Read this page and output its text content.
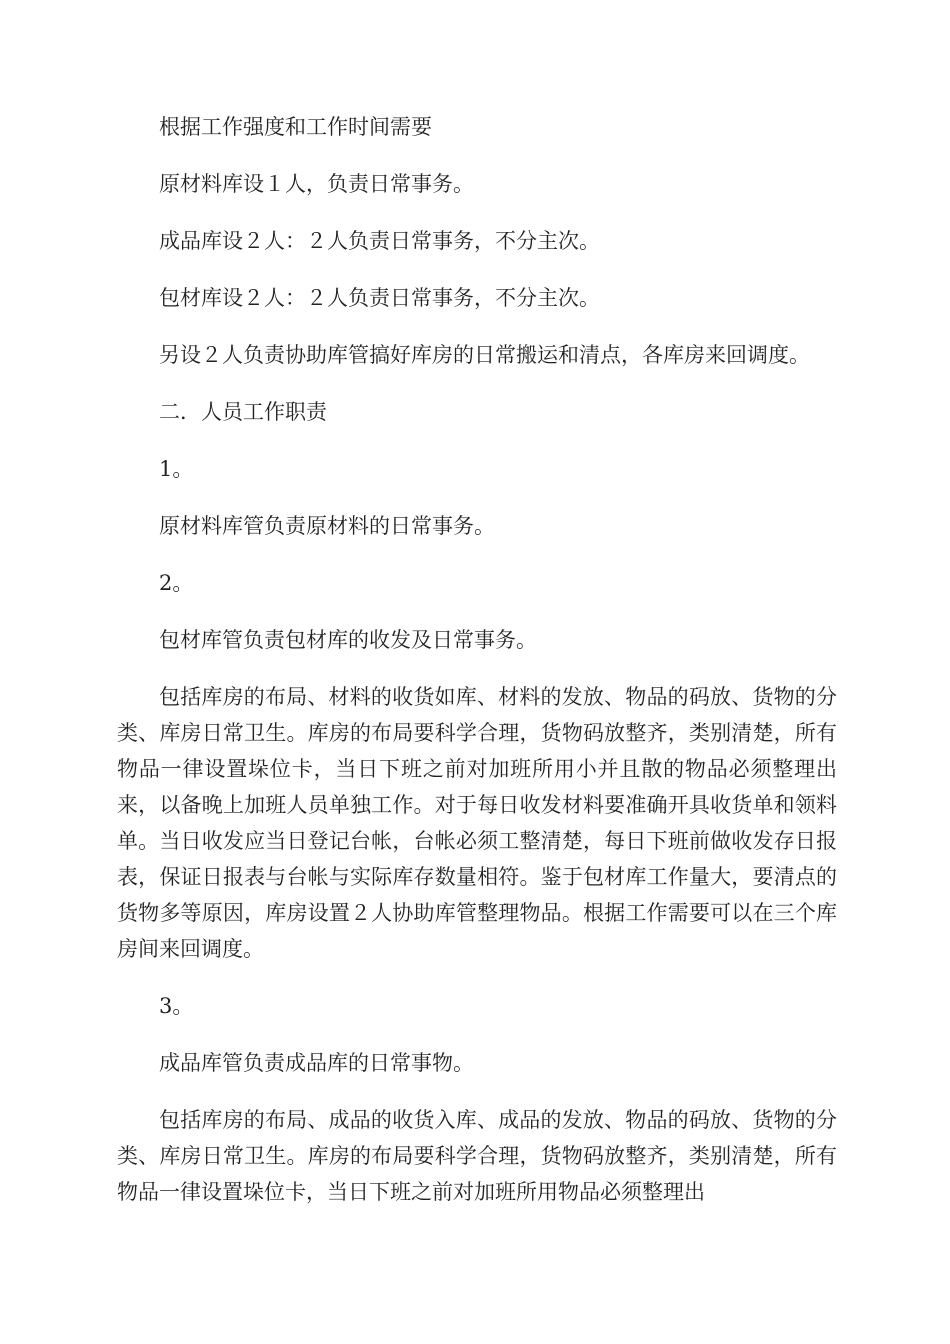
根据工作强度和工作时间需要

原材料库设１人，负责日常事务。

成品库设２人：２人负责日常事务，不分主次。

包材库设２人：２人负责日常事务，不分主次。

另设２人负责协助库管搞好库房的日常搬运和清点，各库房来回调度。

二．人员工作职责

1。

原材料库管负责原材料的日常事务。

2。

包材库管负责包材库的收发及日常事务。

包括库房的布局、材料的收货如库、材料的发放、物品的码放、货物的分类、库房日常卫生。库房的布局要科学合理，货物码放整齐，类别清楚，所有物品一律设置垛位卡，当日下班之前对加班所用小并且散的物品必须整理出来，以备晚上加班人员单独工作。对于每日收发材料要准确开具收货单和领料单。当日收发应当日登记台帐，台帐必须工整清楚，每日下班前做收发存日报表，保证日报表与台帐与实际库存数量相符。鉴于包材库工作量大，要清点的货物多等原因，库房设置２人协助库管整理物品。根据工作需要可以在三个库房间来回调度。

3。

成品库管负责成品库的日常事物。

包括库房的布局、成品的收货入库、成品的发放、物品的码放、货物的分类、库房日常卫生。库房的布局要科学合理，货物码放整齐，类别清楚，所有物品一律设置垛位卡，当日下班之前对加班所用物品必须整理出
